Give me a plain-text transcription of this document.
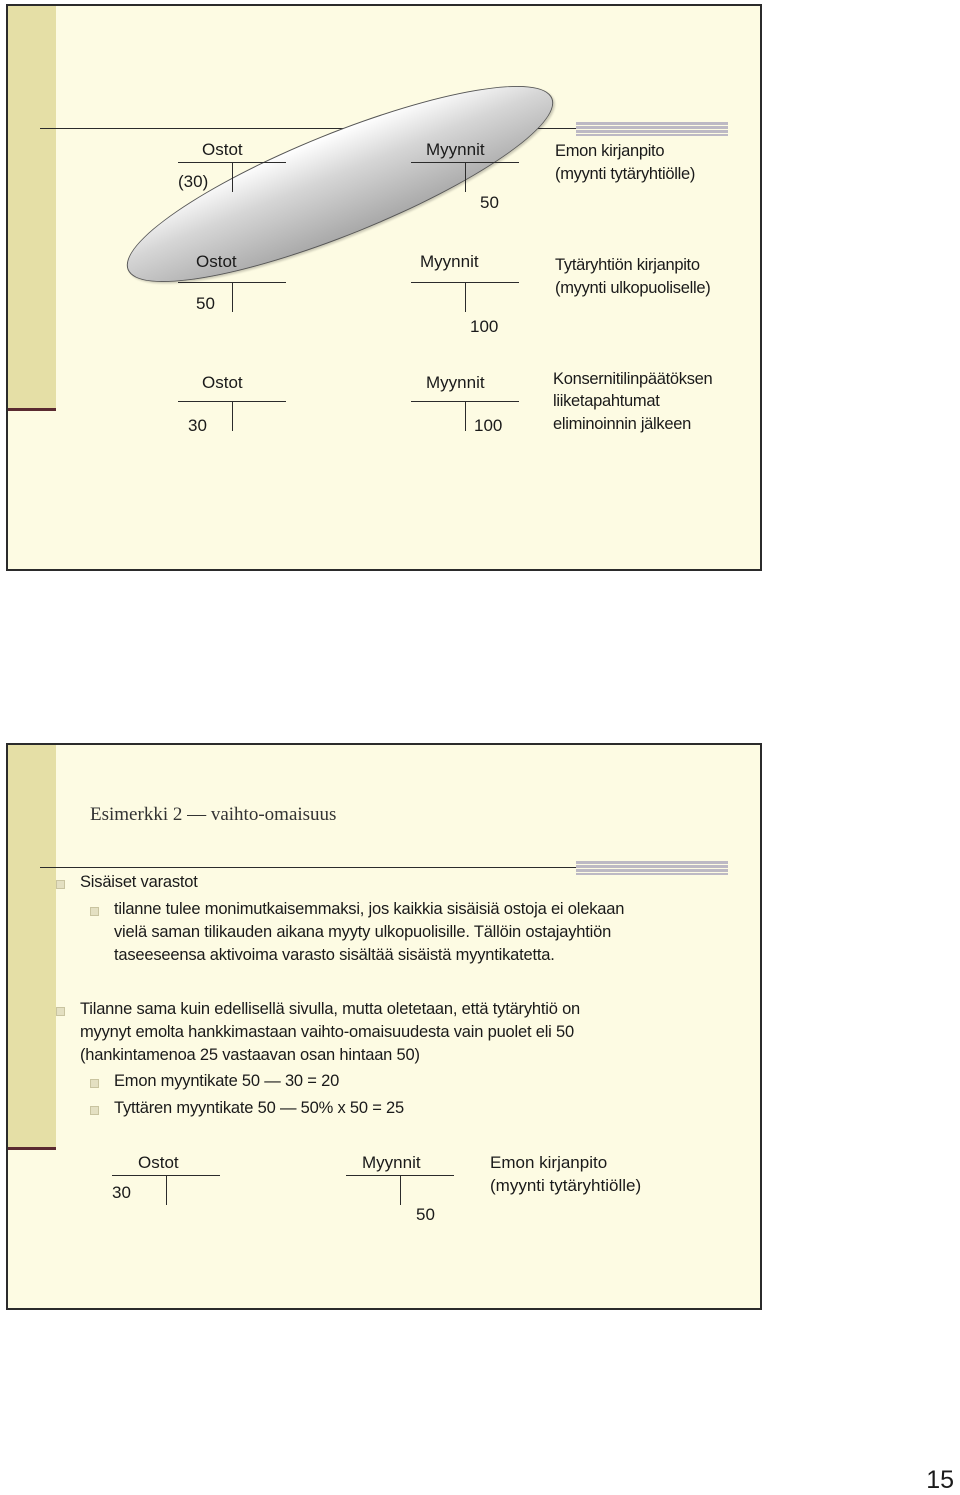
Ostot
(30)
Myynnit
50
Emon kirjanpito
(myynti tytäryhtiölle)
Ostot
50
Myynnit
100
Tytäryhtiön kirjanpito
(myynti ulkopuoliselle)
Ostot
30
Myynnit
100
Konsernitilinpäätöksen
liiketapahtumat
eliminoinnin jälkeen
Esimerkki 2 — vaihto-omaisuus
Sisäiset varastot
tilanne tulee monimutkaisemmaksi, jos kaikkia sisäisiä ostoja ei olekaan
vielä saman tilikauden aikana myyty ulkopuolisille. Tällöin ostajayhtiön
taseeseensa aktivoima varasto sisältää sisäistä myyntikatetta.
Tilanne sama kuin edellisellä sivulla, mutta oletetaan, että tytäryhtiö on
myynyt emolta hankkimastaan vaihto-omaisuudesta vain puolet eli 50
(hankintamenoa 25 vastaavan osan hintaan 50)
Emon myyntikate 50 — 30 = 20
Tyttären myyntikate 50 — 50% x 50 = 25
Ostot
30
Myynnit
50
Emon kirjanpito
(myynti tytäryhtiölle)
15
